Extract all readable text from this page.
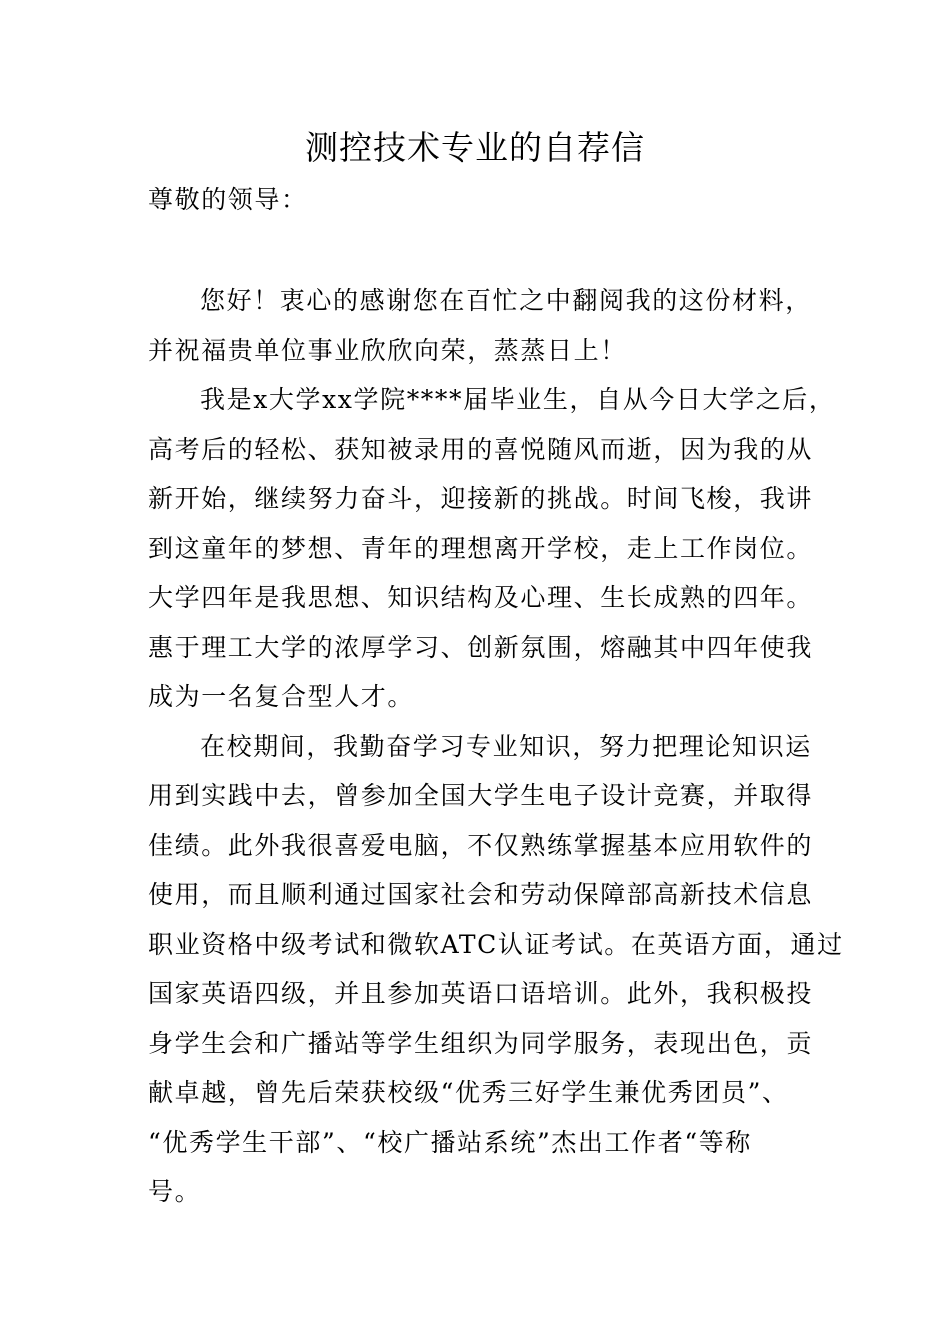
测控技术专业的自荐信
尊敬的领导：
您好！衷心的感谢您在百忙之中翻阅我的这份材料，
并祝福贵单位事业欣欣向荣，蒸蒸日上！
我是x大学xx学院****届毕业生，自从今日大学之后，
高考后的轻松、获知被录用的喜悦随风而逝，因为我的从
新开始，继续努力奋斗，迎接新的挑战。时间飞梭，我讲
到这童年的梦想、青年的理想离开学校，走上工作岗位。
大学四年是我思想、知识结构及心理、生长成熟的四年。
惠于理工大学的浓厚学习、创新氛围，熔融其中四年使我
成为一名复合型人才。
在校期间，我勤奋学习专业知识，努力把理论知识运
用到实践中去，曾参加全国大学生电子设计竞赛，并取得
佳绩。此外我很喜爱电脑，不仅熟练掌握基本应用软件的
使用，而且顺利通过国家社会和劳动保障部高新技术信息
职业资格中级考试和微软ATC认证考试。在英语方面，通过
国家英语四级，并且参加英语口语培训。此外，我积极投
身学生会和广播站等学生组织为同学服务，表现出色，贡
献卓越，曾先后荣获校级“优秀三好学生兼优秀团员”、
“优秀学生干部”、“校广播站系统”杰出工作者“等称
号。
